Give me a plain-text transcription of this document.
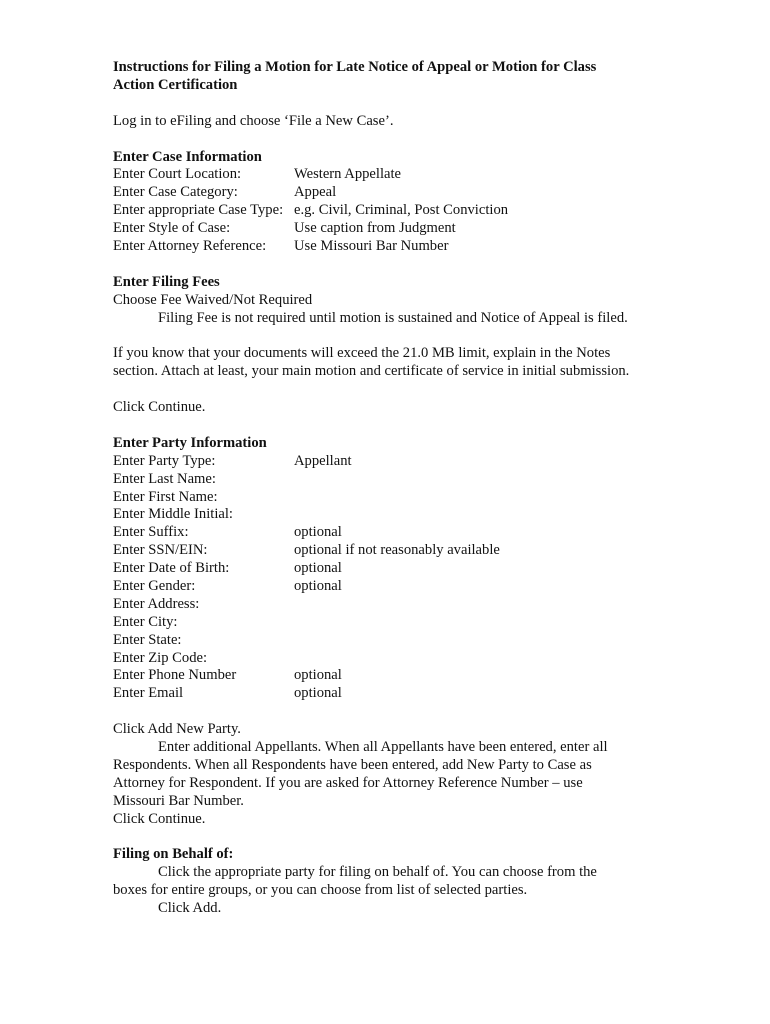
Instructions for Filing a Motion for Late Notice of Appeal or Motion for Class
Action Certification
Log in to eFiling and choose ‘File a New Case’.
Enter Case Information
Enter Court Location:	Western Appellate
Enter Case Category:	Appeal
Enter appropriate Case Type: e.g. Civil, Criminal, Post Conviction
Enter Style of Case:	Use caption from Judgment
Enter Attorney Reference:	Use Missouri Bar Number
Enter Filing Fees
Choose Fee Waived/Not Required
Filing Fee is not required until motion is sustained and Notice of Appeal is filed.
If you know that your documents will exceed the 21.0 MB limit, explain in the Notes
section. Attach at least, your main motion and certificate of service in initial submission.
Click Continue.
Enter Party Information
Enter Party Type:	Appellant
Enter Last Name:
Enter First Name:
Enter Middle Initial:
Enter Suffix:	optional
Enter SSN/EIN:	optional if not reasonably available
Enter Date of Birth:	optional
Enter Gender:	optional
Enter Address:
Enter City:
Enter State:
Enter Zip Code:
Enter Phone Number	optional
Enter Email	optional
Click Add New Party.
Enter additional Appellants. When all Appellants have been entered, enter all
Respondents. When all Respondents have been entered, add New Party to Case as
Attorney for Respondent. If you are asked for Attorney Reference Number – use
Missouri Bar Number.
Click Continue.
Filing on Behalf of:
Click the appropriate party for filing on behalf of. You can choose from the
boxes for entire groups, or you can choose from list of selected parties.
Click Add.
